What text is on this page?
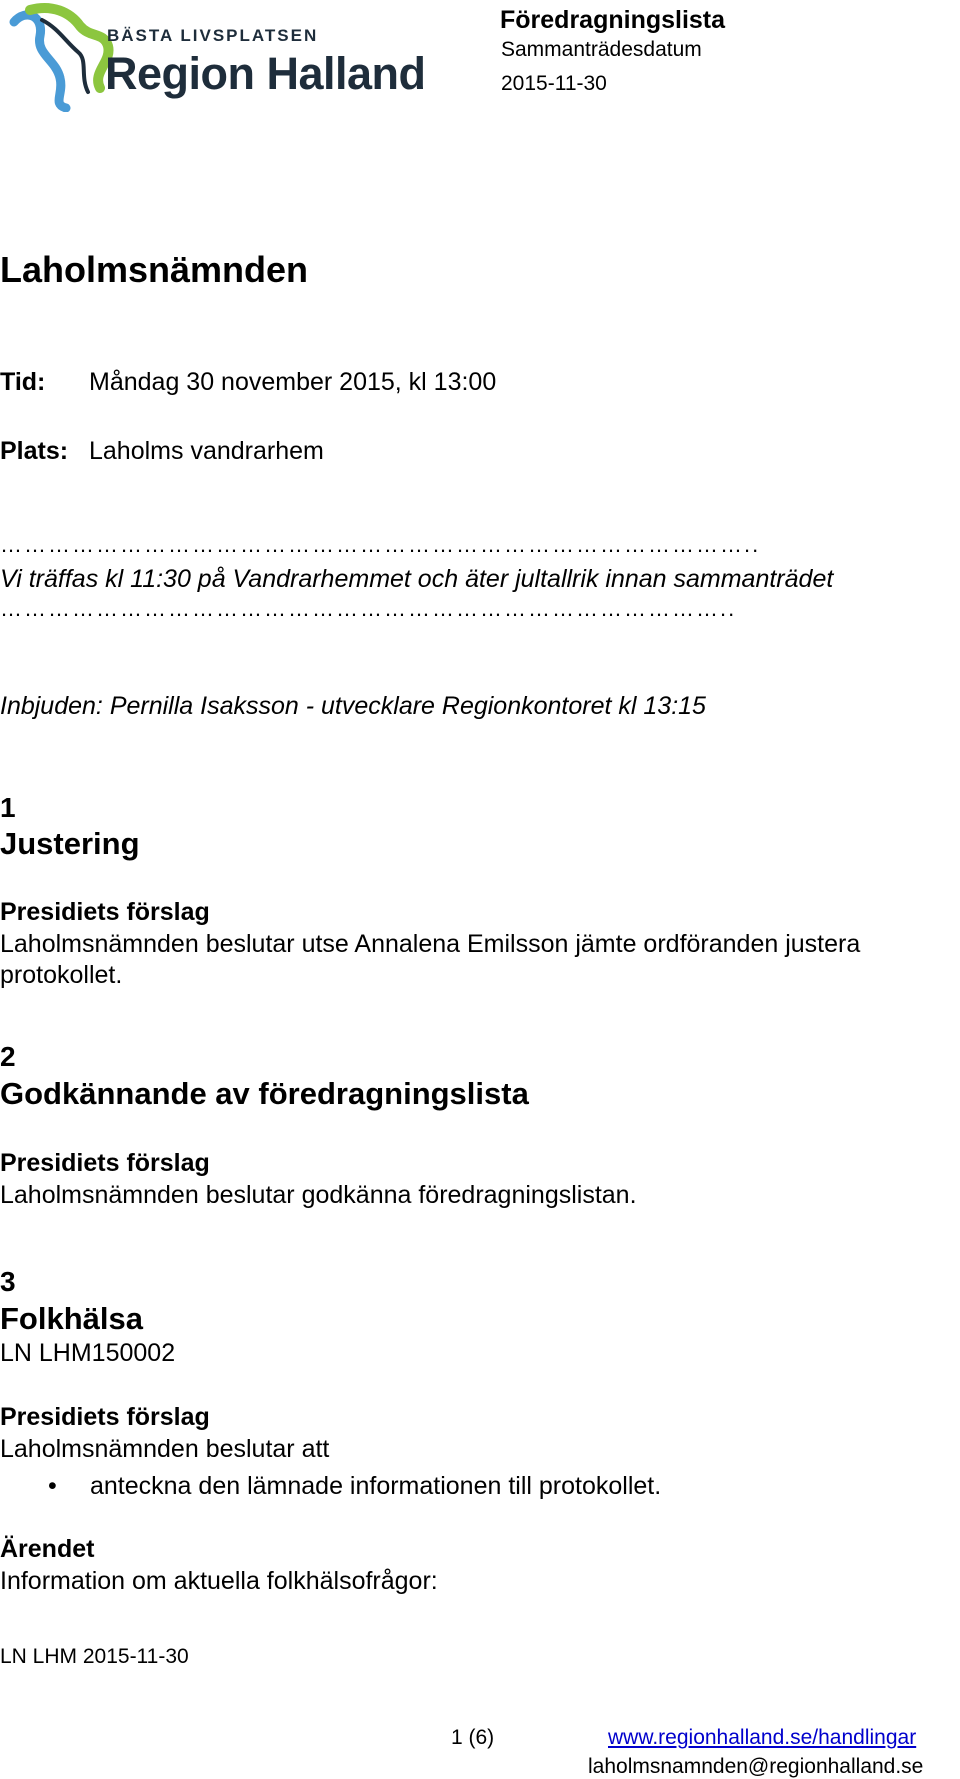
BÄSTA LIVSPLATSEN
Region Halland
Föredragningslista
Sammanträdesdatum
2015-11-30
Laholmsnämnden
Tid: Måndag 30 november 2015, kl 13:00
Plats: Laholms vandrarhem
…………………………………………………………………………………..
Vi träffas kl 11:30 på Vandrarhemmet och äter jultallrik innan sammanträdet
………………………………………………………………………………..
Inbjuden: Pernilla Isaksson - utvecklare Regionkontoret kl 13:15
1
Justering
Presidiets förslag
Laholmsnämnden beslutar utse Annalena Emilsson jämte ordföranden justera
protokollet.
2
Godkännande av föredragningslista
Presidiets förslag
Laholmsnämnden beslutar godkänna föredragningslistan.
3
Folkhälsa
LN LHM150002
Presidiets förslag
Laholmsnämnden beslutar att
• anteckna den lämnade informationen till protokollet.
Ärendet
Information om aktuella folkhälsofrågor:
LN LHM 2015-11-30
1 (6)	www.regionhalland.se/handlingar
laholmsnamnden@regionhalland.se
